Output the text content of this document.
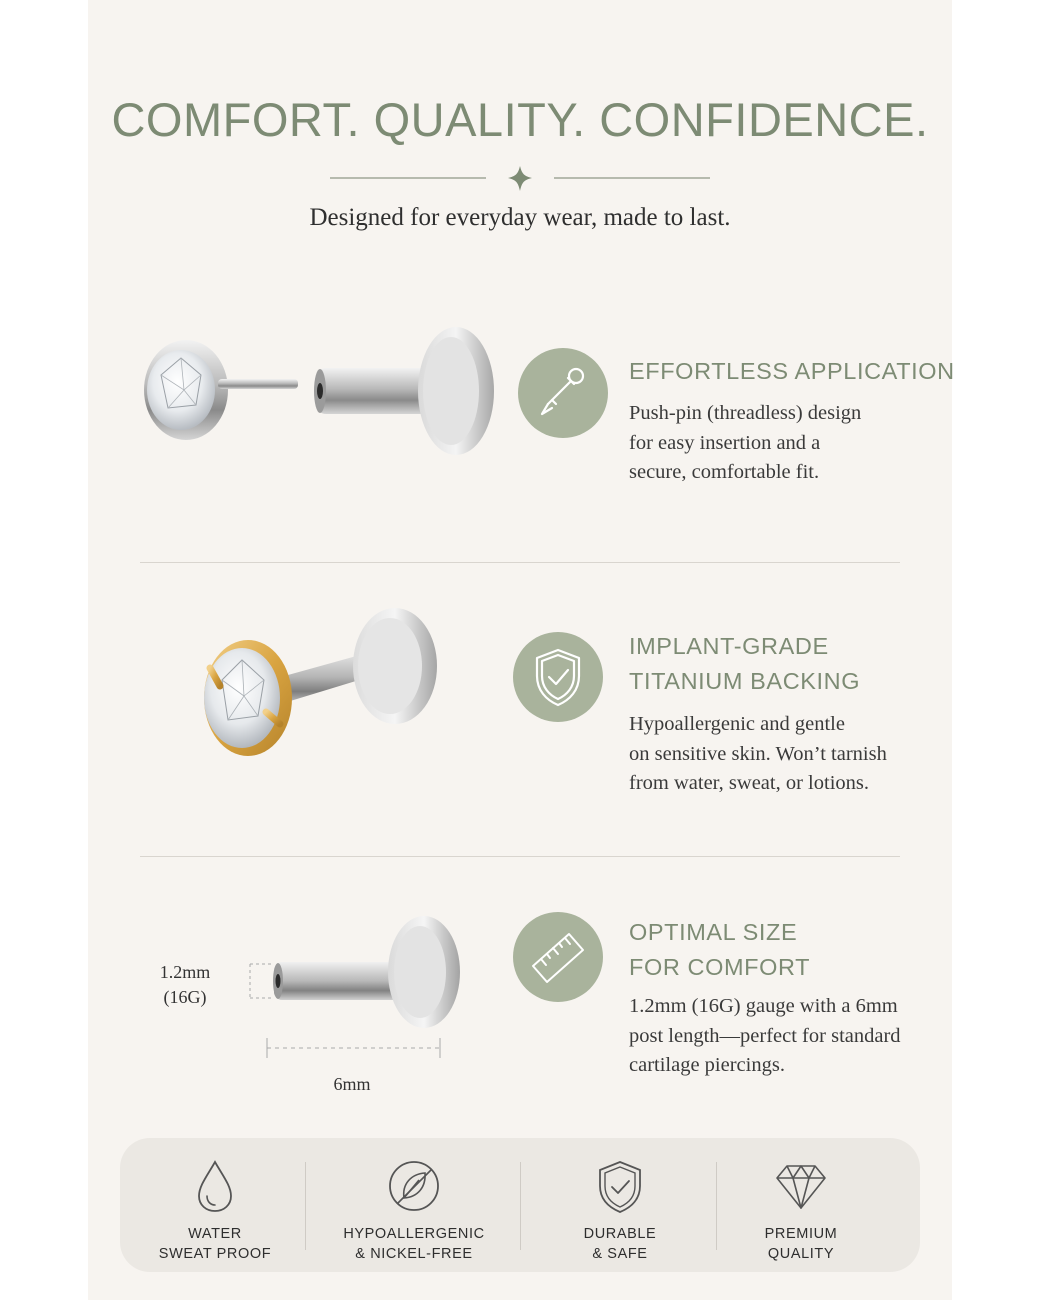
COMFORT. QUALITY. CONFIDENCE.
Designed for everyday wear, made to last.
EFFORTLESS APPLICATION
Push-pin (threadless) design
for easy insertion and a
secure, comfortable fit.
IMPLANT-GRADE
TITANIUM BACKING
Hypoallergenic and gentle
on sensitive skin. Won’t tarnish
from water, sweat, or lotions.
1.2mm
(16G)
6mm
OPTIMAL SIZE
FOR COMFORT
1.2mm (16G) gauge with a 6mm
post length—perfect for standard
cartilage piercings.
WATER
SWEAT PROOF
HYPOALLERGENIC
& NICKEL-FREE
DURABLE
& SAFE
PREMIUM
QUALITY
